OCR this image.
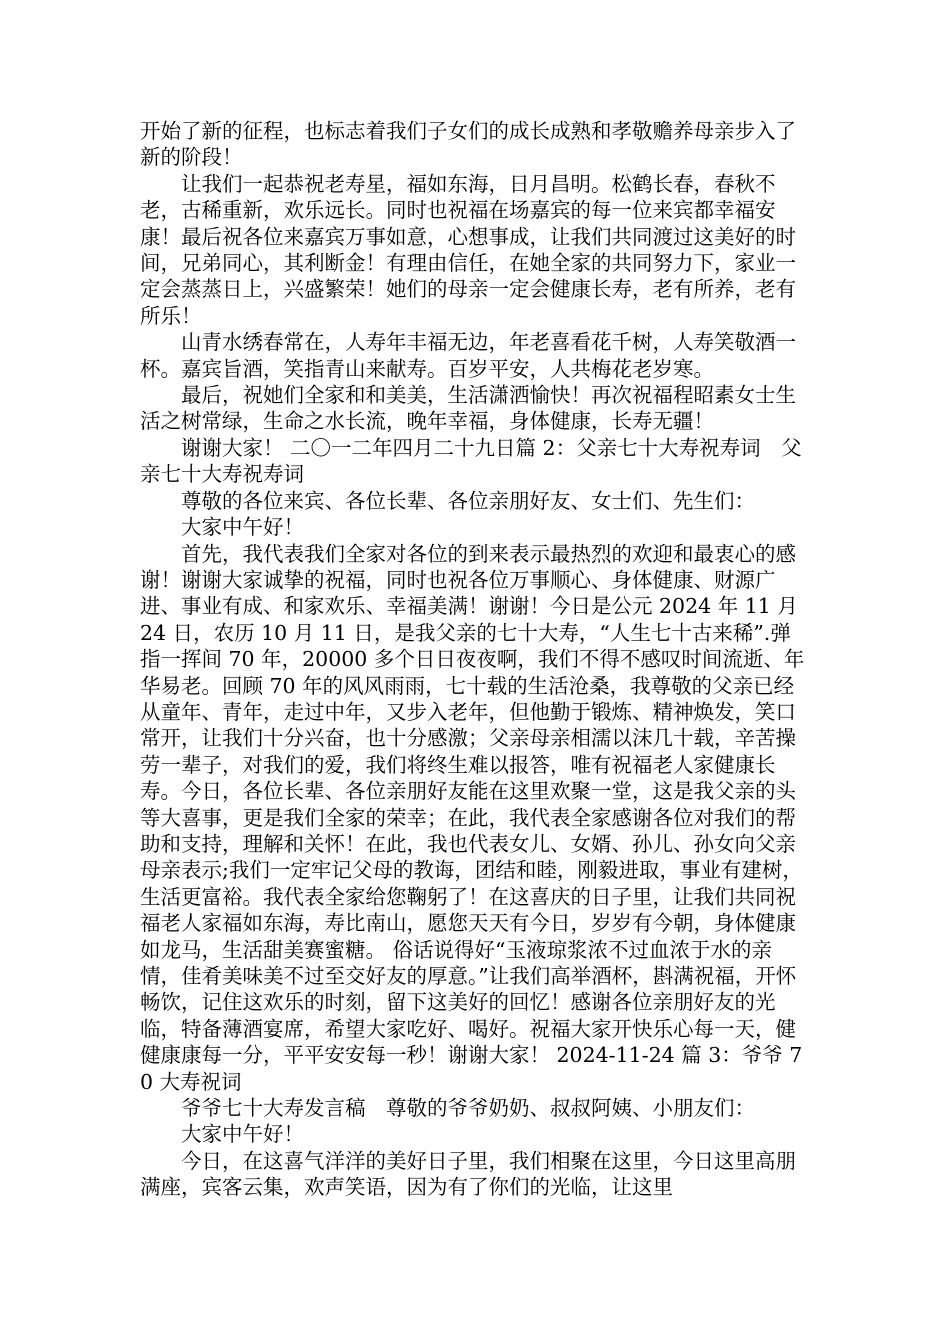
开始了新的征程，也标志着我们子女们的成长成熟和孝敬赡养母亲步入了新的阶段！

让我们一起恭祝老寿星，福如东海，日月昌明。松鹤长春，春秋不老，古稀重新，欢乐远长。同时也祝福在场嘉宾的每一位来宾都幸福安康！最后祝各位来嘉宾万事如意，心想事成，让我们共同渡过这美好的时间，兄弟同心，其利断金！有理由信任，在她全家的共同努力下，家业一定会蒸蒸日上，兴盛繁荣！她们的母亲一定会健康长寿，老有所养，老有所乐！

山青水绣春常在，人寿年丰福无边，年老喜看花千树，人寿笑敬酒一杯。嘉宾旨酒，笑指青山来献寿。百岁平安，人共梅花老岁寒。

最后，祝她们全家和和美美，生活潇洒愉快！再次祝福程昭素女士生活之树常绿，生命之水长流，晚年幸福，身体健康，长寿无疆！

谢谢大家！ 二〇一二年四月二十九日篇 2：父亲七十大寿祝寿词　父亲七十大寿祝寿词

尊敬的各位来宾、各位长辈、各位亲朋好友、女士们、先生们：

大家中午好！

首先，我代表我们全家对各位的到来表示最热烈的欢迎和最衷心的感谢！谢谢大家诚挚的祝福，同时也祝各位万事顺心、身体健康、财源广进、事业有成、和家欢乐、幸福美满！谢谢！今日是公元 2024 年 11 月 24 日，农历 10 月 11 日，是我父亲的七十大寿，“人生七十古来稀”.弹指一挥间 70 年，20000 多个日日夜夜啊，我们不得不感叹时间流逝、年华易老。回顾 70 年的风风雨雨，七十载的生活沧桑，我尊敬的父亲已经从童年、青年，走过中年，又步入老年，但他勤于锻炼、精神焕发，笑口常开，让我们十分兴奋，也十分感激；父亲母亲相濡以沫几十载，辛苦操劳一辈子，对我们的爱，我们将终生难以报答，唯有祝福老人家健康长寿。今日，各位长辈、各位亲朋好友能在这里欢聚一堂，这是我父亲的头等大喜事，更是我们全家的荣幸；在此，我代表全家感谢各位对我们的帮助和支持，理解和关怀！在此，我也代表女儿、女婿、孙儿、孙女向父亲母亲表示;我们一定牢记父母的教诲，团结和睦，刚毅进取，事业有建树，生活更富裕。我代表全家给您鞠躬了！在这喜庆的日子里，让我们共同祝福老人家福如东海，寿比南山，愿您天天有今日，岁岁有今朝，身体健康如龙马，生活甜美赛蜜糖。 俗话说得好“玉液琼浆浓不过血浓于水的亲情，佳肴美味美不过至交好友的厚意。”让我们高举酒杯，斟满祝福，开怀畅饮，记住这欢乐的时刻，留下这美好的回忆！感谢各位亲朋好友的光临，特备薄酒宴席，希望大家吃好、喝好。祝福大家开快乐心每一天，健健康康每一分，平平安安每一秒！谢谢大家！ 2024-11-24 篇 3：爷爷 70 大寿祝词

爷爷七十大寿发言稿　尊敬的爷爷奶奶、叔叔阿姨、小朋友们：

大家中午好！

今日，在这喜气洋洋的美好日子里，我们相聚在这里，今日这里高朋满座，宾客云集，欢声笑语，因为有了你们的光临，让这里
